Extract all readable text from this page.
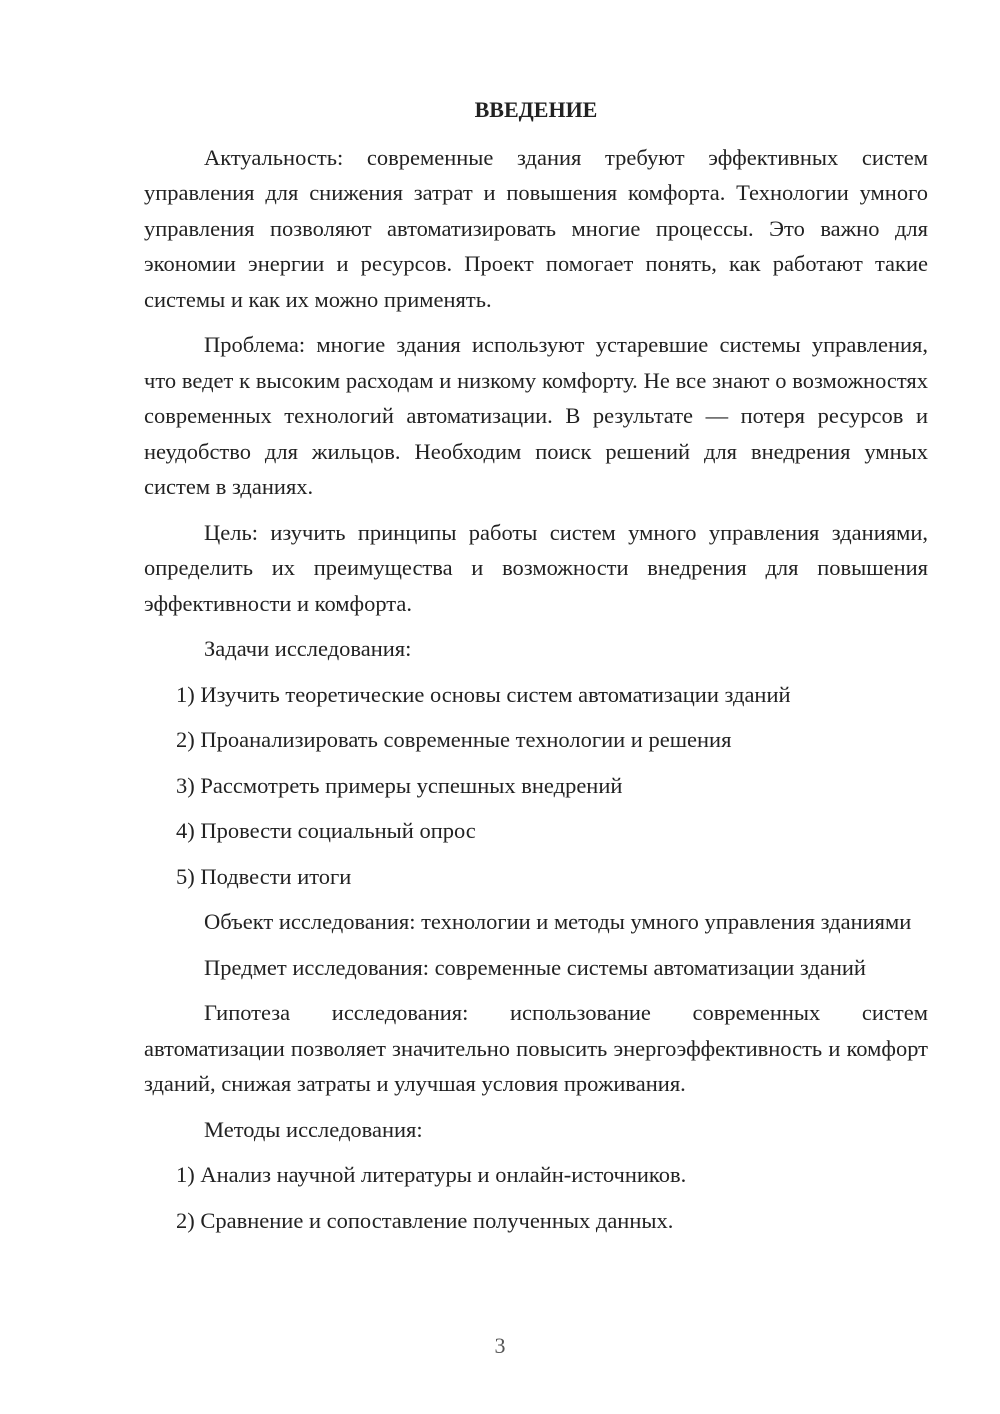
ВВЕДЕНИЕ
Актуальность: современные здания требуют эффективных систем управления для снижения затрат и повышения комфорта. Технологии умного управления позволяют автоматизировать многие процессы. Это важно для экономии энергии и ресурсов. Проект помогает понять, как работают такие системы и как их можно применять.
Проблема: многие здания используют устаревшие системы управления, что ведет к высоким расходам и низкому комфорту. Не все знают о возможностях современных технологий автоматизации. В результате — потеря ресурсов и неудобство для жильцов. Необходим поиск решений для внедрения умных систем в зданиях.
Цель: изучить принципы работы систем умного управления зданиями, определить их преимущества и возможности внедрения для повышения эффективности и комфорта.
Задачи исследования:
1) Изучить теоретические основы систем автоматизации зданий
2) Проанализировать современные технологии и решения
3) Рассмотреть примеры успешных внедрений
4) Провести социальный опрос
5) Подвести итоги
Объект исследования: технологии и методы умного управления зданиями
Предмет исследования: современные системы автоматизации зданий
Гипотеза исследования: использование современных систем автоматизации позволяет значительно повысить энергоэффективность и комфорт зданий, снижая затраты и улучшая условия проживания.
Методы исследования:
1) Анализ научной литературы и онлайн-источников.
2) Сравнение и сопоставление полученных данных.
3
